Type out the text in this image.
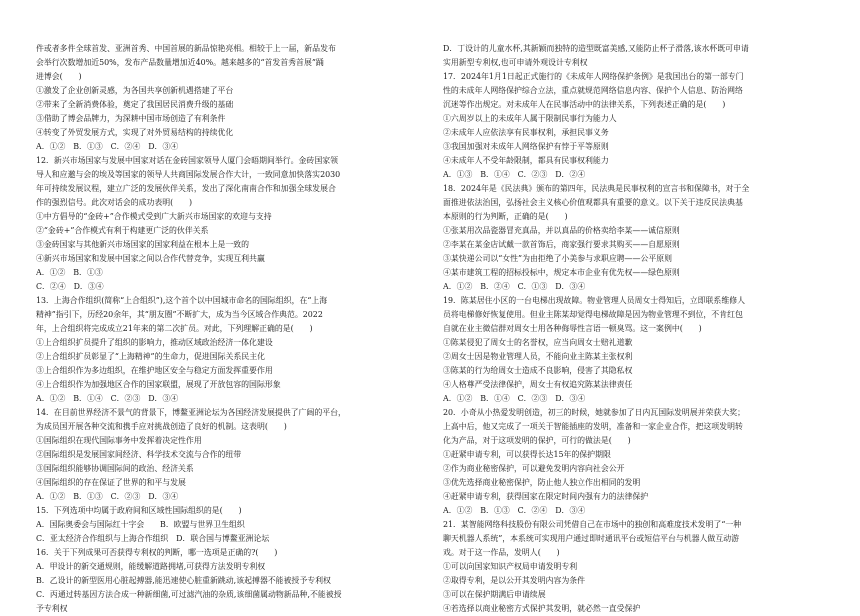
件或者多件全球首发、亚洲首秀、中国首展的新品惊艳亮相。相较于上一届，新品发布
会举行次数增加近50%，发布产品数量增加近40%。越来越多的“首发首秀首展”踊
进博会(　　)
①激发了企业创新灵感，为各国共享创新机遇搭建了平台
②带来了全新消费体验，奠定了我国居民消费升级的基础
③借助了博会品牌力，为深耕中国市场创造了有利条件
④转变了外贸发展方式，实现了对外贸易结构的持续优化
A．①②　B．①③　C．②④　D．③④
12．新兴市场国家与发展中国家对话在金砖国家领导人厦门会晤期间举行。金砖国家领
导人和应邀与会的埃及等国家的领导人共商国际发展合作大计，一致同意加快落实2030
年可持续发展议程，建立广泛的发展伙伴关系，发出了深化南南合作和加强全球发展合
作的强烈信号。此次对话会的成功表明(　　)
①中方倡导的“金砖+”合作模式受到广大新兴市场国家的欢迎与支持
②“金砖+”合作模式有利于构建更广泛的伙伴关系
③金砖国家与其他新兴市场国家的国家利益在根本上是一致的
④新兴市场国家和发展中国家之间以合作代替竞争，实现互利共赢
A．①②　B．①③
C．②④　D．③④
13．上海合作组织(简称“上合组织”),这个首个以中国城市命名的国际组织，在“上海
精神”指引下，历经20余年，其“朋友圈”不断扩大，成为当今区域合作典范。2022
年，上合组织将完成成立21年来的第二次扩员。对此，下列理解正确的是(　　)
①上合组织扩员提升了组织的影响力，推动区域政治经济一体化建设
②上合组织扩员彰显了“上海精神”的生命力，促进国际关系民主化
③上合组织作为多边组织，在维护地区安全与稳定方面发挥重要作用
④上合组织作为加强地区合作的国家联盟，展现了开放包容的国际形象
A．①②　B．①④　C．②③　D．③④
14．在目前世界经济不景气的背景下，博鳌亚洲论坛为各国经济发展提供了广阔的平台，
为成员国开展各种交流和携手应对挑战创造了良好的机制。这表明(　　)
①国际组织在现代国际事务中发挥着决定性作用
②国际组织是发展国家间经济、科学技术交流与合作的纽带
③国际组织能够协调国际间的政治、经济关系
④国际组织的存在保证了世界的和平与发展
A．①②　B．①③　C．②③　D．③④
15．下列选项中均属于政府间和区域性国际组织的是(　　)
A．国际奥委会与国际红十字会　　B．欧盟与世界卫生组织
C．亚太经济合作组织与上海合作组织　D．联合国与博鳌亚洲论坛
16．关于下列成果可否获得专利权的判断，哪一选项是正确的?(　　)
A．甲设计的新交通规则，能缓解道路拥堵,可获得方法发明专利权
B．乙设计的新型医用心脏起搏器,能迅速使心脏重新跳动,该起搏器不能被授予专利权
C．丙通过转基因方法合成一种新细菌,可过滤汽油的杂质,该细菌属动物新品种,不能被授
予专利权
D．丁设计的儿童水杯,其新颖而独特的造型既富美感,又能防止杯子滑落,该水杯既可申请
实用新型专利权,也可申请外观设计专利权
17．2024年1月1日起正式施行的《未成年人网络保护条例》是我国出台的第一部专门
性的未成年人网络保护综合立法，重点就规范网络信息内容、保护个人信息、防治网络
沉迷等作出规定。对未成年人在民事活动中的法律关系，下列表述正确的是(　　)
①六周岁以上的未成年人属于限制民事行为能力人
②未成年人应依法享有民事权利，承担民事义务
③我国加强对未成年人网络保护有悖于平等原则
④未成年人不受年龄限制，都具有民事权利能力
A．①③　B．①④　C．②③　D．②④
18．2024年是《民法典》颁布的第四年，民法典是民事权利的宣言书和保障书，对于全
面推进依法治国，弘扬社会主义核心价值观都具有重要的意义。以下关于违反民法典基
本原则的行为判断，正确的是(　　)
①张某用次品瓷器冒充真品，并以真品的价格卖给李某——诚信原则
②李某在某金店试戴一款首饰后，商家强行要求其购买——自愿原则
③某快递公司以“女性”为由拒绝了小美参与求职应聘——公平原则
④某市建筑工程的招标投标中，规定本市企业有优先权——绿色原则
A．①②　B．②④　C．①③　D．③④
19．陈某居住小区的一台电梯出现故障。物业管理人员周女士得知后，立即联系维修人
员将电梯修好恢复使用。但业主陈某却觉得电梯故障是因为物业管理不到位，不肯红包
自就在业主微信群对周女士用各种侮辱性言语一顿臭骂。这一案例中(　　)
①陈某侵犯了周女士的名誉权，应当向周女士赔礼道歉
②周女士因是物业管理人员，不能向业主陈某主张权利
③陈某的行为给周女士造成不良影响，侵害了其隐私权
④人格尊严受法律保护，周女士有权追究陈某法律责任
A．①②　B．①④　C．②③　D．③④
20．小奇从小热爱发明创造，初三的时候，她就参加了日内瓦国际发明展并荣获大奖；
上高中后，他又完成了一项关于智能插座的发明，准备和一家企业合作，把这项发明转
化为产品，对于这项发明的保护，可行的做法是(　　)
①赶紧申请专利，可以获得长达15年的保护期限
②作为商业秘密保护，可以避免发明内容向社会公开
③优先选择商业秘密保护，防止他人独立作出相同的发明
④赶紧申请专利，获得国家在限定时间内强有力的法律保护
A．①②　B．①③　C．②④　D．③④
21．某智能网络科技股份有限公司凭借自己在市场中的独创和高难度技术发明了“一种
聊天机器人系统”，本系统可实现用户通过即时通讯平台或短信平台与机器人做互动游
戏。对于这一作品，发明人(　　)
①可以向国家知识产权局申请发明专利
②取得专利，是以公开其发明内容为条件
③可以在保护期满后申请续展
④若选择以商业秘密方式保护其发明，就必然一直受保护
